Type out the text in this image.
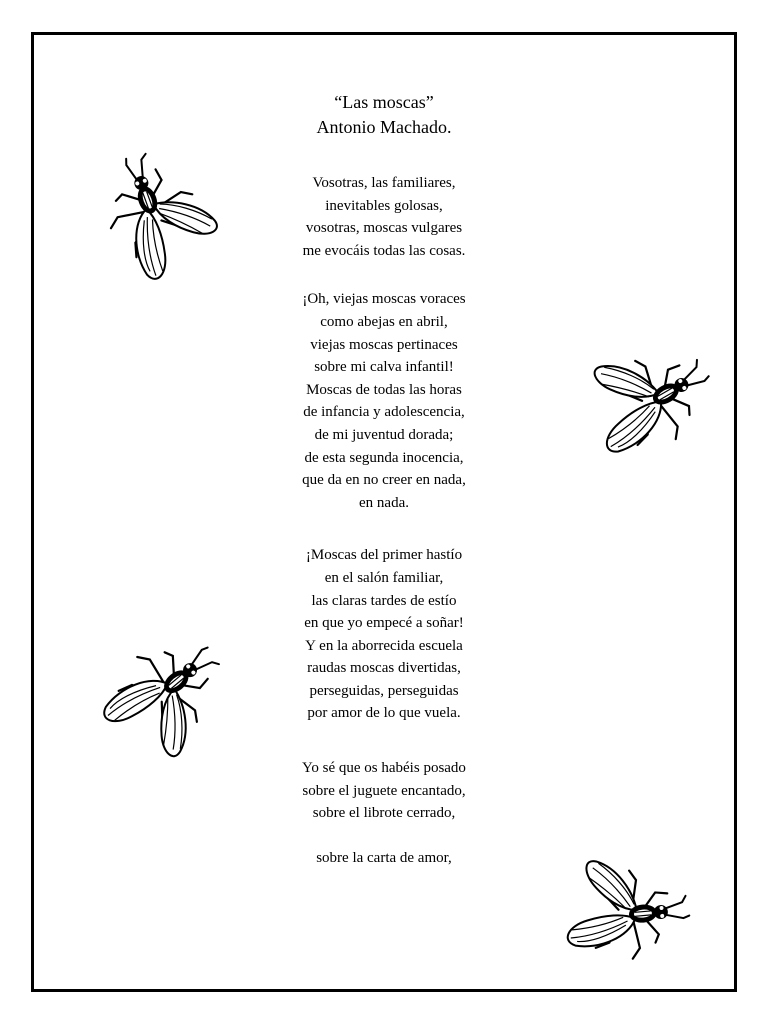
“Las moscas”
Antonio Machado.
Vosotras, las familiares,
inevitables golosas,
vosotras, moscas vulgares
me evocáis todas las cosas.
¡Oh, viejas moscas voraces
como abejas en abril,
viejas moscas pertinaces
sobre mi calva infantil!
Moscas de todas las horas
de infancia y adolescencia,
de mi juventud dorada;
de esta segunda inocencia,
que da en no creer en nada,
en nada.
¡Moscas del primer hastío
en el salón familiar,
las claras tardes de estío
en que yo empecé a soñar!
Y en la aborrecida escuela
raudas moscas divertidas,
perseguidas, perseguidas
por amor de lo que vuela.
Yo sé que os habéis posado
sobre el juguete encantado,
sobre el librote cerrado,
sobre la carta de amor,
